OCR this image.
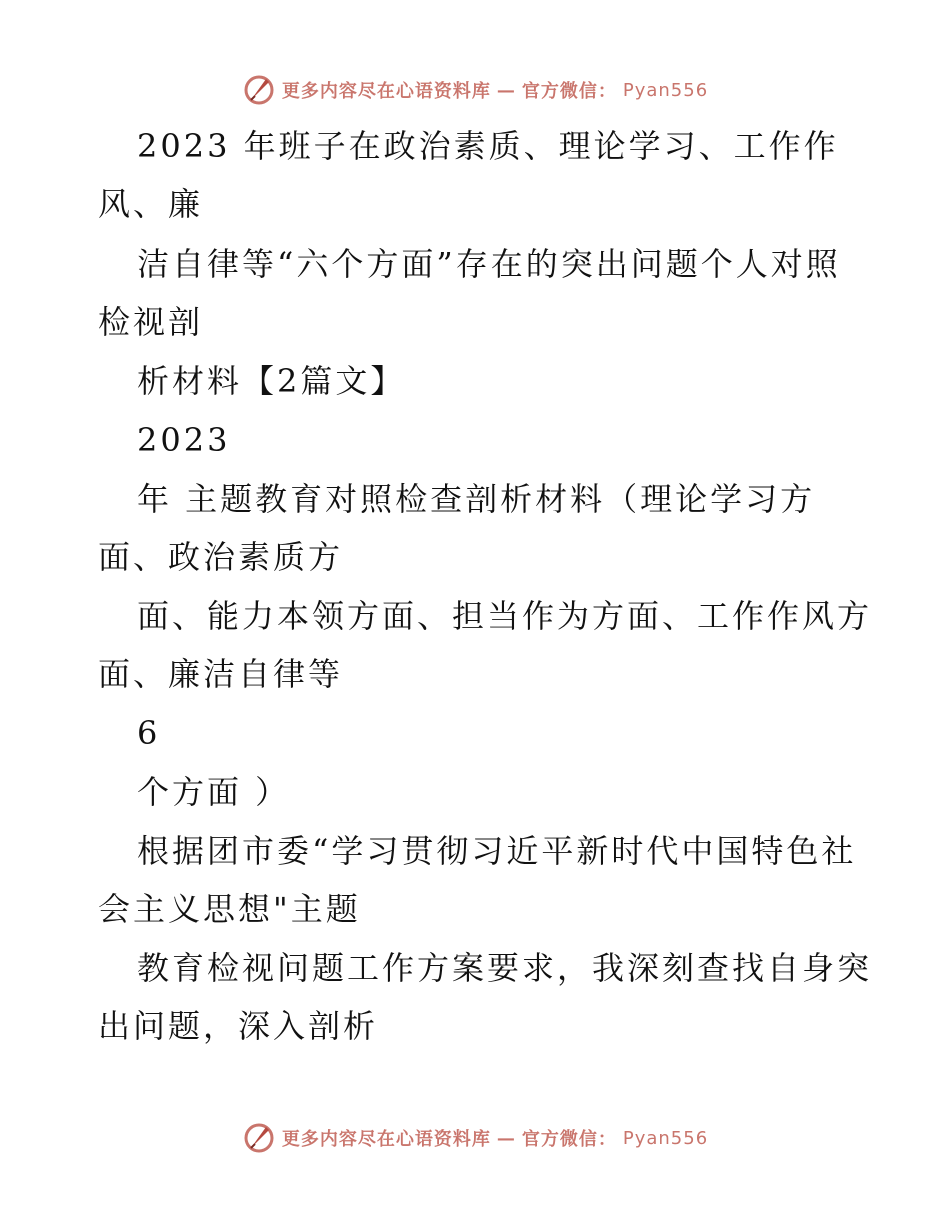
更多内容尽在心语资料库 — 官方微信： Pyan556

2023 年班子在政治素质、理论学习、工作作

风、廉

洁自律等“六个方面”存在的突出问题个人对照

检视剖

析材料【2篇文】

2023

年 主题教育对照检查剖析材料（理论学习方

面、政治素质方

面、能力本领方面、担当作为方面、工作作风方

面、廉洁自律等

6

个方面 ）

根据团市委“学习贯彻习近平新时代中国特色社

会主义思想"主题

教育检视问题工作方案要求，我深刻查找自身突

出问题，深入剖析

更多内容尽在心语资料库 — 官方微信： Pyan556
